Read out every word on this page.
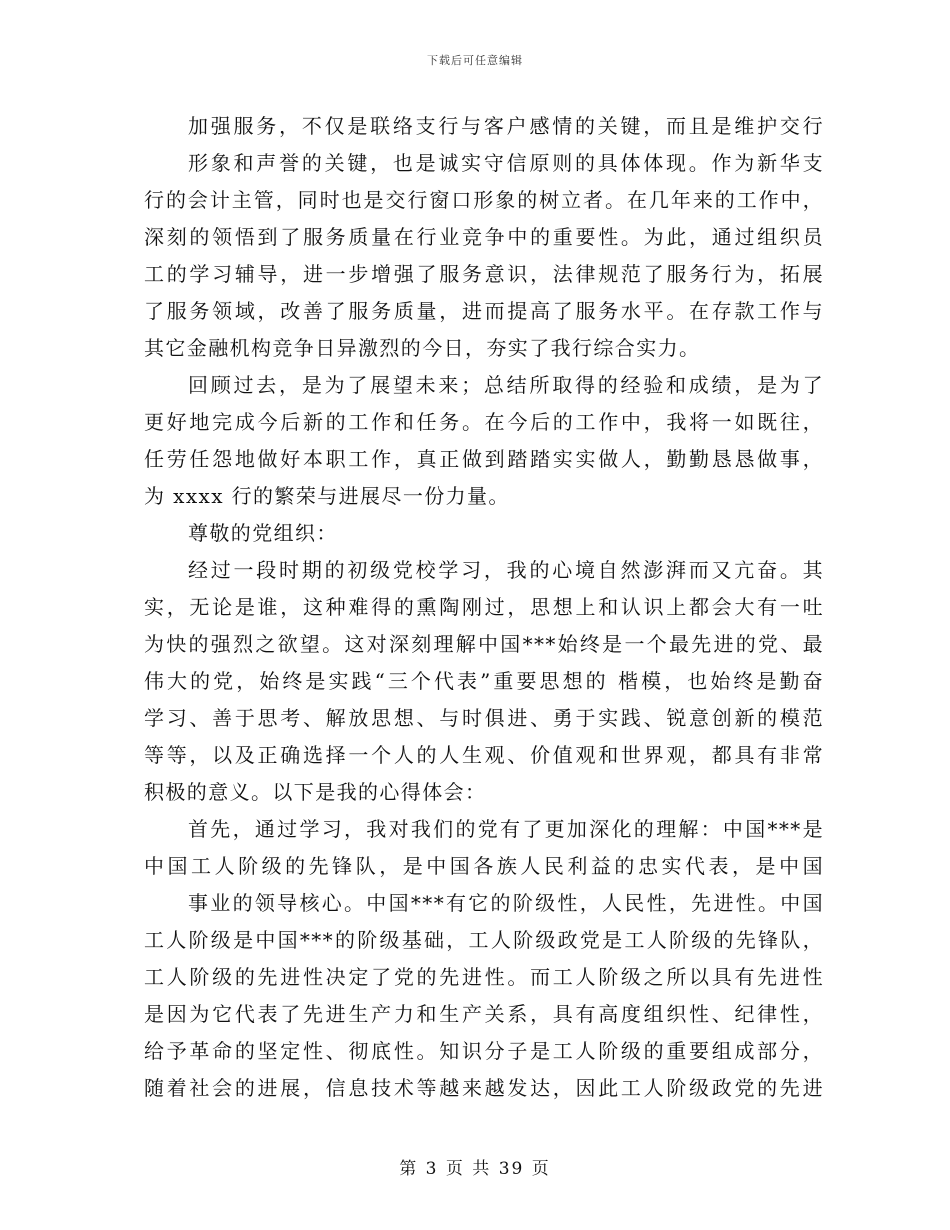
下载后可任意编辑
加强服务，不仅是联络支行与客户感情的关键，而且是维护交行
形象和声誉的关键，也是诚实守信原则的具体体现。作为新华支
行的会计主管，同时也是交行窗口形象的树立者。在几年来的工作中，
深刻的领悟到了服务质量在行业竞争中的重要性。为此，通过组织员
工的学习辅导，进一步增强了服务意识，法律规范了服务行为，拓展
了服务领域，改善了服务质量，进而提高了服务水平。在存款工作与
其它金融机构竞争日异激烈的今日，夯实了我行综合实力。
回顾过去，是为了展望未来；总结所取得的经验和成绩，是为了
更好地完成今后新的工作和任务。在今后的工作中，我将一如既往，
任劳任怨地做好本职工作，真正做到踏踏实实做人，勤勤恳恳做事，
为 xxxx 行的繁荣与进展尽一份力量。
尊敬的党组织：
经过一段时期的初级党校学习，我的心境自然澎湃而又亢奋。其
实，无论是谁，这种难得的熏陶刚过，思想上和认识上都会大有一吐
为快的强烈之欲望。这对深刻理解中国***始终是一个最先进的党、最
伟大的党，始终是实践“三个代表”重要思想的 楷模，也始终是勤奋
学习、善于思考、解放思想、与时俱进、勇于实践、锐意创新的模范
等等，以及正确选择一个人的人生观、价值观和世界观，都具有非常
积极的意义。以下是我的心得体会：
首先，通过学习，我对我们的党有了更加深化的理解：中国***是
中国工人阶级的先锋队，是中国各族人民利益的忠实代表，是中国
事业的领导核心。中国***有它的阶级性，人民性，先进性。中国
工人阶级是中国***的阶级基础，工人阶级政党是工人阶级的先锋队，
工人阶级的先进性决定了党的先进性。而工人阶级之所以具有先进性
是因为它代表了先进生产力和生产关系，具有高度组织性、纪律性，
给予革命的坚定性、彻底性。知识分子是工人阶级的重要组成部分，
随着社会的进展，信息技术等越来越发达，因此工人阶级政党的先进
第 3 页 共 39 页
